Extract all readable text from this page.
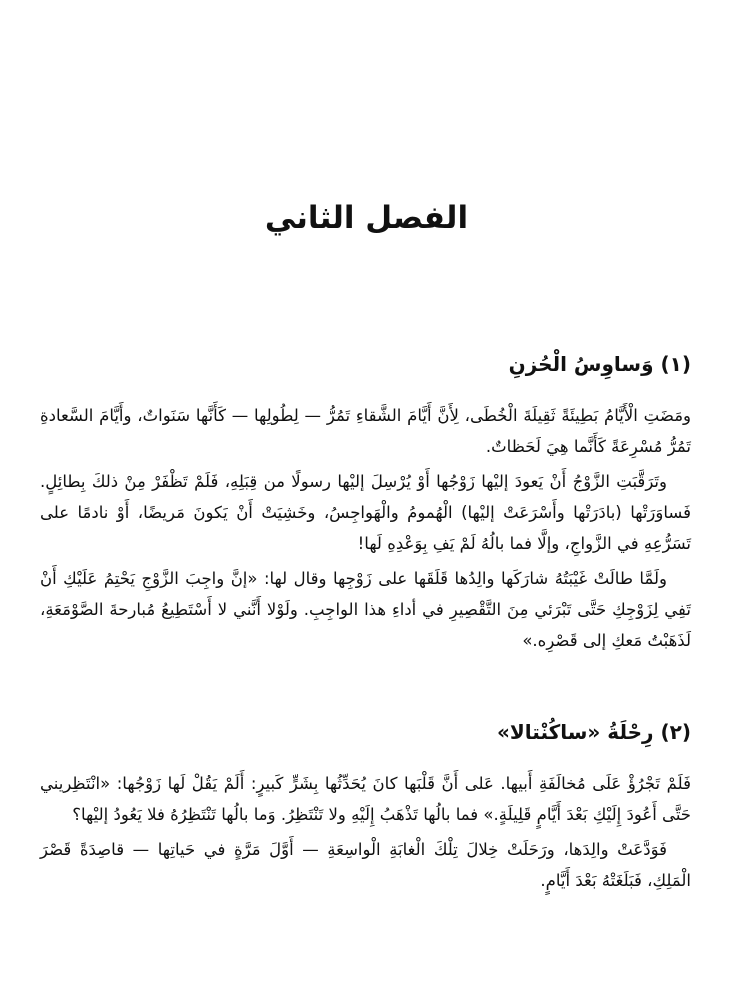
الفصل الثاني
(١) وَساوِسُ الْحُزنِ

ومَضَتِ الْأَيَّامُ بَطِيئَةً ثَقِيلَةَ الْخُطَى، لِأَنَّ أَيَّامَ الشَّقاءِ تَمُرُّ — لِطُولِها — كَأَنَّها سَنَواتٌ، وأَيَّامَ السَّعادةِ تَمُرُّ مُسْرِعَةً كَأَنَّما هِيَ لَحَظاتٌ.

وتَرَقَّبَتِ الزَّوْجُ أَنْ يَعودَ إليْها زَوْجُها أَوْ يُرْسِلَ إليْها رسولًا من قِبَلِهِ، فَلَمْ تَظْفَرْ مِنْ ذلكَ بِطائِلٍ. فَساوَرَتْها (بادَرَتْها وأَسْرَعَتْ إليْها) الْهُمومُ والْهَواجِسُ، وخَشِيَتْ أَنْ يَكونَ مَريضًا، أَوْ نادمًا على تَسَرُّعِهِ في الزَّواجِ، وإلَّا فما بالُهُ لَمْ يَفِ بِوَعْدِهِ لَها!

ولَمَّا طالَتْ غَيْبَتُهُ شارَكَها والِدُها قَلَقَها على زَوْجِها وقال لها: «إنَّ واجِبَ الزَّوْجِ يَحْتِمُ عَلَيْكِ أَنْ تَفِي لِزَوْجِكِ حَتَّى تَبْرَئي مِنَ التَّقْصِيرِ في أداءِ هذا الواجِبِ. ولَوْلا أَنَّني لا أَسْتَطِيعُ مُبارحةَ الصَّوْمَعَةِ، لَذَهَبْتُ مَعكِ إلى قَصْرِه.»

(٢) رِحْلَةُ «ساكُنْتالا»

فَلَمْ تَجْرُؤْ عَلَى مُخالَفَةِ أَبيها. عَلى أَنَّ قَلْبَها كانَ يُحَدِّثُها بِشَرٍّ كَبيرٍ: أَلَمْ يَقُلْ لَها زَوْجُها: «انْتَظِريني حَتَّى أَعُودَ إِلَيْكِ بَعْدَ أَيَّامٍ قَلِيلَةٍ.» فما بالُها تَذْهَبُ إِلَيْهِ ولا تَنْتَظِرُ. وَما بالُها تَنْتَظِرُهُ فلا يَعُودُ إليْها؟

فَوَدَّعَتْ والِدَها، ورَحَلَتْ خِلالَ تِلْكَ الْغابَةِ الْواسِعَةِ — أَوَّلَ مَرَّةٍ في حَياتِها — قاصِدَةً قَصْرَ الْمَلِكِ، فَبَلَغَتْهُ بَعْدَ أَيَّامٍ.
